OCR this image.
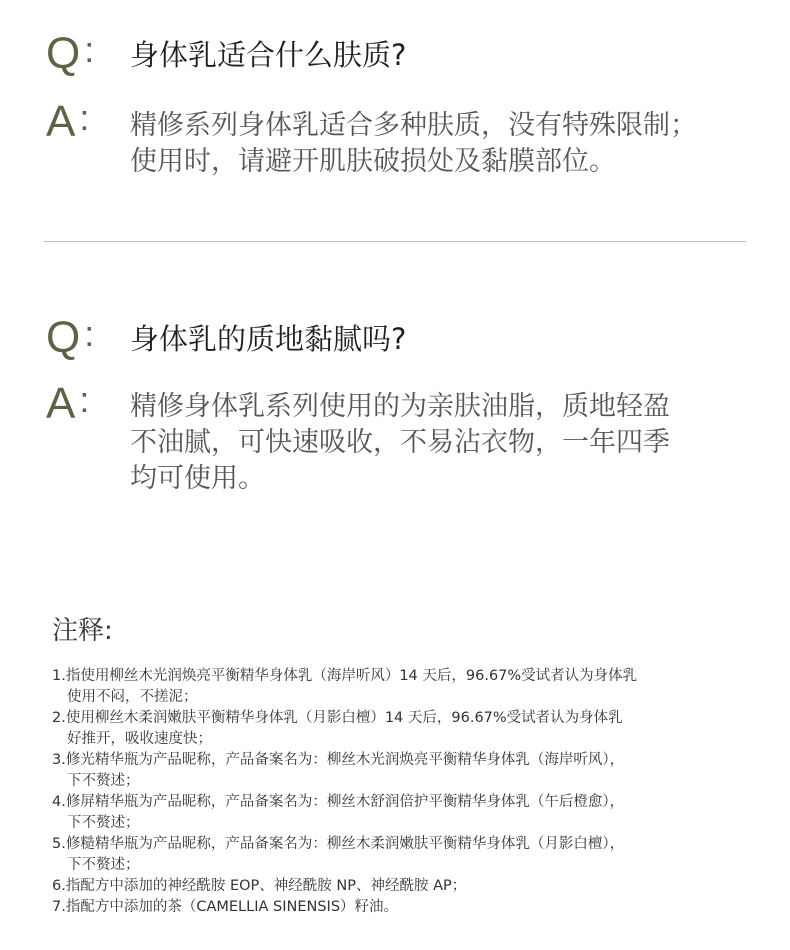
Q : 身体乳适合什么肤质?
A : 精修系列身体乳适合多种肤质，没有特殊限制；
使用时，请避开肌肤破损处及黏膜部位。
Q : 身体乳的质地黏腻吗?
A : 精修身体乳系列使用的为亲肤油脂，质地轻盈
不油腻，可快速吸收，不易沾衣物，一年四季
均可使用。
注释:
1.指使用柳丝木光润焕亮平衡精华身体乳（海岸听风）14 天后，96.67%受试者认为身体乳
使用不闷，不搓泥；
2.使用柳丝木柔润嫩肤平衡精华身体乳（月影白檀）14 天后，96.67%受试者认为身体乳
好推开，吸收速度快；
3.修光精华瓶为产品昵称，产品备案名为：柳丝木光润焕亮平衡精华身体乳（海岸听风），
下不赘述；
4.修屏精华瓶为产品昵称，产品备案名为：柳丝木舒润倍护平衡精华身体乳（午后橙愈），
下不赘述；
5.修糙精华瓶为产品昵称，产品备案名为：柳丝木柔润嫩肤平衡精华身体乳（月影白檀），
下不赘述；
6.指配方中添加的神经酰胺 EOP、神经酰胺 NP、神经酰胺 AP；
7.指配方中添加的茶（CAMELLIA SINENSIS）籽油。
